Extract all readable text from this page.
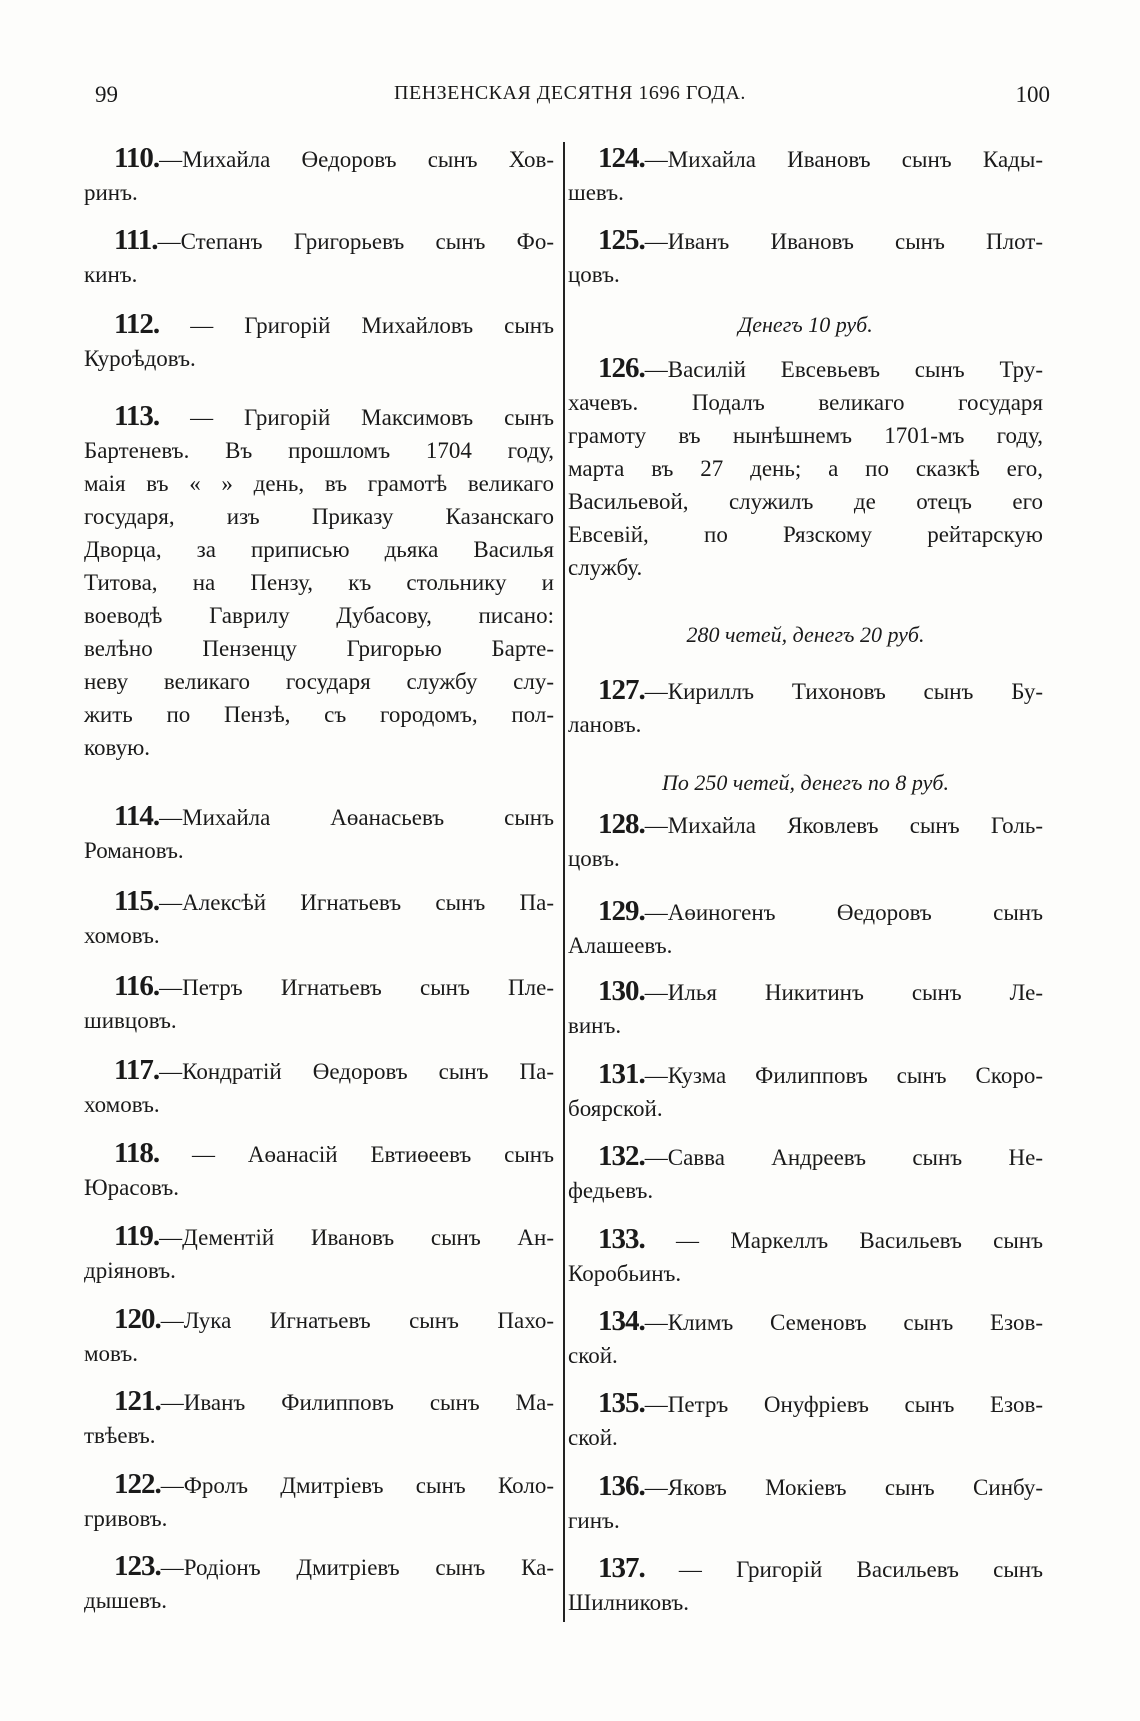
99	ПЕНЗЕНСКАЯ ДЕСЯТНЯ 1696 ГОДА.	100
110.—Михайла Өедоровъ сынъ Хов-
ринъ.
111.—Степанъ Григорьевъ сынъ Фо-
кинъ.
112. — Григорій Михайловъ сынъ
Куроѣдовъ.
113. — Григорій Максимовъ сынъ
Бартеневъ. Въ прошломъ 1704 году,
маія въ « » день, въ грамотѣ великаго
государя, изъ Приказу Казанскаго
Дворца, за приписью дьяка Василья
Титова, на Пензу, къ стольнику и
воеводѣ Гаврилу Дубасову, писано:
велѣно Пензенцу Григорью Барте-
неву великаго государя службу слу-
жить по Пензѣ, съ городомъ, пол-
ковую.
114.—Михайла Аөанасьевъ сынъ
Романовъ.
115.—Алексѣй Игнатьевъ сынъ Па-
хомовъ.
116.—Петръ Игнатьевъ сынъ Пле-
шивцовъ.
117.—Кондратій Өедоровъ сынъ Па-
хомовъ.
118. — Аөанасій Евтиөеевъ сынъ
Юрасовъ.
119.—Дементій Ивановъ сынъ Ан-
дріяновъ.
120.—Лука Игнатьевъ сынъ Пахо-
мовъ.
121.—Иванъ Филипповъ сынъ Ма-
твѣевъ.
122.—Фролъ Дмитріевъ сынъ Коло-
гривовъ.
123.—Родіонъ Дмитріевъ сынъ Ка-
дышевъ.
124.—Михайла Ивановъ сынъ Кады-
шевъ.
125.—Иванъ Ивановъ сынъ Плот-
цовъ.
126.—Василій Евсевьевъ сынъ Тру-
хачевъ. Подалъ великаго государя
грамоту въ нынѣшнемъ 1701-мъ году,
марта въ 27 день; а по сказкѣ его,
Васильевой, служилъ де отецъ его
Евсевій, по Рязскому рейтарскую
службу.
127.—Кириллъ Тихоновъ сынъ Бу-
лановъ.
128.—Михайла Яковлевъ сынъ Голь-
цовъ.
129.—Аөиногенъ Өедоровъ сынъ
Алашеевъ.
130.—Илья Никитинъ сынъ Ле-
винъ.
131.—Кузма Филипповъ сынъ Скоро-
боярской.
132.—Савва Андреевъ сынъ Не-
федьевъ.
133. — Маркеллъ Васильевъ сынъ
Коробьинъ.
134.—Климъ Семеновъ сынъ Езов-
ской.
135.—Петръ Онуфріевъ сынъ Езов-
ской.
136.—Яковъ Мокіевъ сынъ Синбу-
гинъ.
137. — Григорій Васильевъ сынъ
Шилниковъ.
Денегъ 10 руб.
280 четей, денегъ 20 руб.
По 250 четей, денегъ по 8 руб.
